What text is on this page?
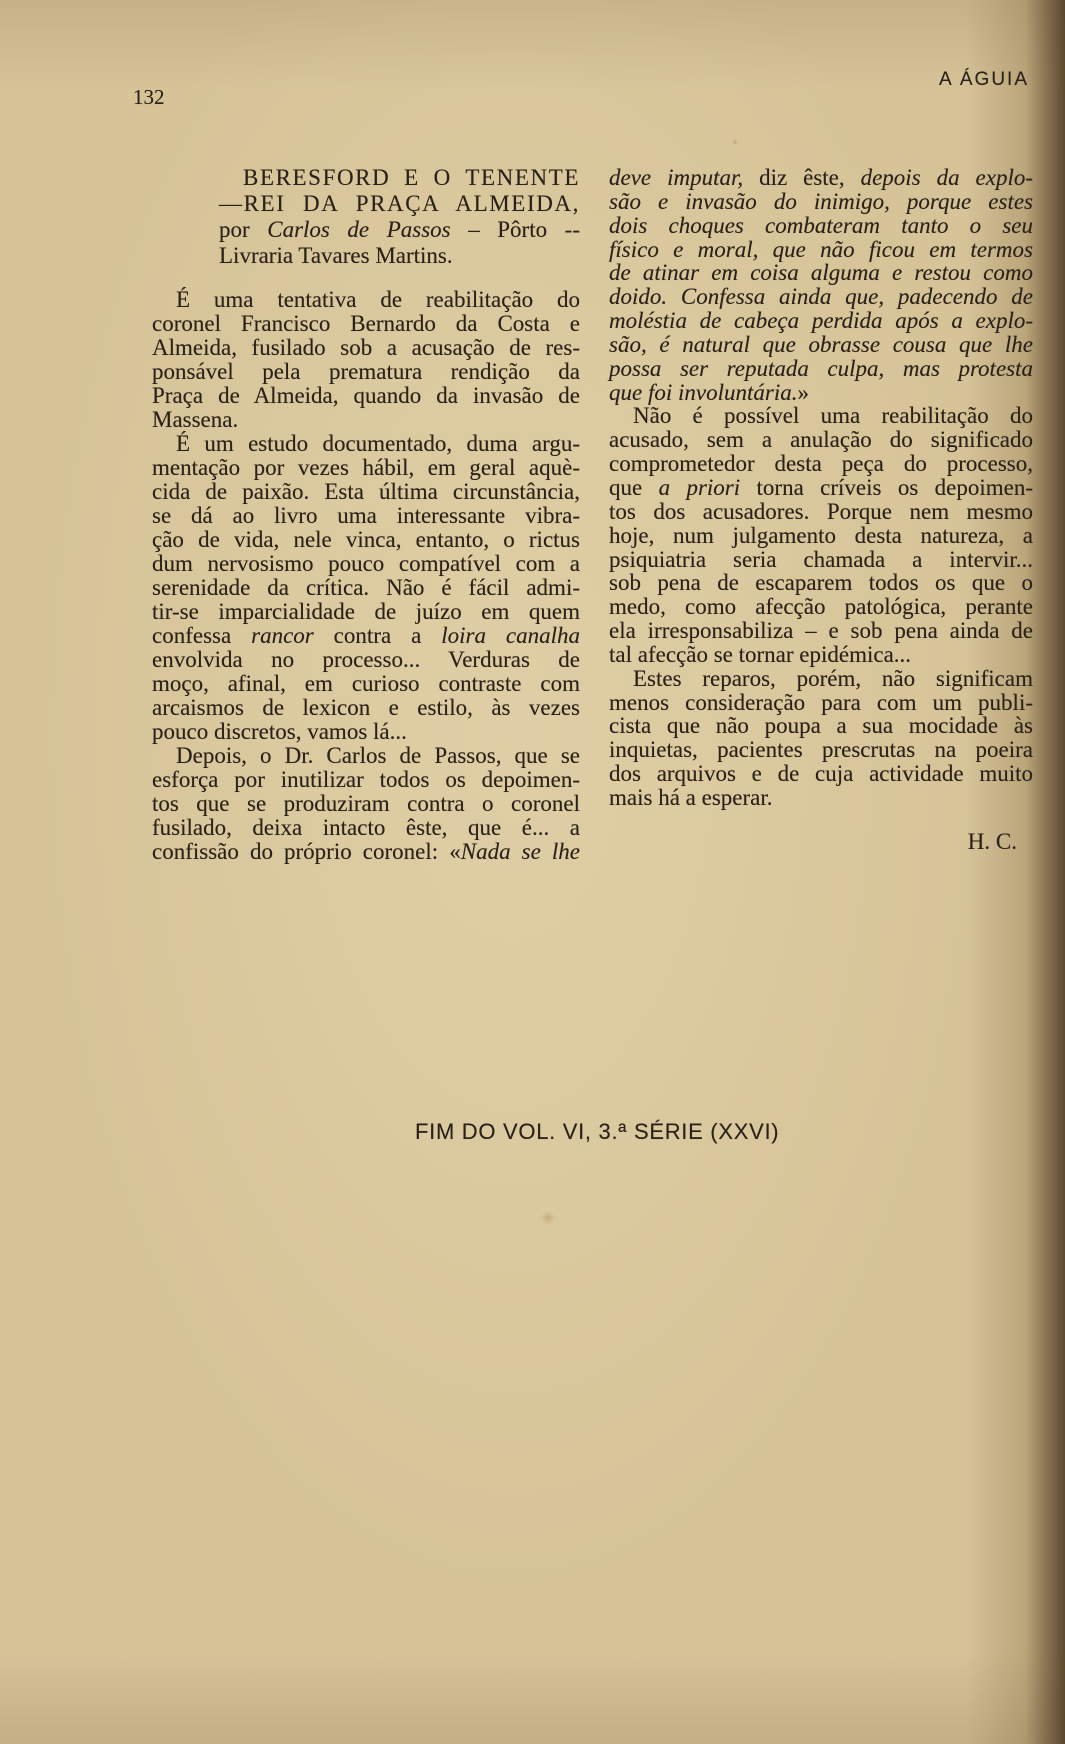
132
A ÁGUIA
BERESFORD E O TENENTE
—REI DA PRAÇA ALMEIDA,
por Carlos de Passos – Pôrto --
Livraria Tavares Martins.
É uma tentativa de reabilitação do
coronel Francisco Bernardo da Costa e
Almeida, fusilado sob a acusação de res-
ponsável pela prematura rendição da
Praça de Almeida, quando da invasão de
Massena.
É um estudo documentado, duma argu-
mentação por vezes hábil, em geral aquè-
cida de paixão. Esta última circunstância,
se dá ao livro uma interessante vibra-
ção de vida, nele vinca, entanto, o rictus
dum nervosismo pouco compatível com a
serenidade da crítica. Não é fácil admi-
tir-se imparcialidade de juízo em quem
confessa rancor contra a loira canalha
envolvida no processo... Verduras de
moço, afinal, em curioso contraste com
arcaismos de lexicon e estilo, às vezes
pouco discretos, vamos lá...
Depois, o Dr. Carlos de Passos, que se
esforça por inutilizar todos os depoimen-
tos que se produziram contra o coronel
fusilado, deixa intacto êste, que é... a
confissão do próprio coronel: «Nada se lhe
deve imputar, diz êste, depois da explo-
são e invasão do inimigo, porque estes
dois choques combateram tanto o seu
físico e moral, que não ficou em termos
de atinar em coisa alguma e restou como
doido. Confessa ainda que, padecendo de
moléstia de cabeça perdida após a explo-
são, é natural que obrasse cousa que lhe
possa ser reputada culpa, mas protesta
que foi involuntária.»
Não é possível uma reabilitação do
acusado, sem a anulação do significado
comprometedor desta peça do processo,
que a priori torna críveis os depoimen-
tos dos acusadores. Porque nem mesmo
hoje, num julgamento desta natureza, a
psiquiatria seria chamada a intervir...
sob pena de escaparem todos os que o
medo, como afecção patológica, perante
ela irresponsabiliza – e sob pena ainda de
tal afecção se tornar epidémica...
Estes reparos, porém, não significam
menos consideração para com um publi-
cista que não poupa a sua mocidade às
inquietas, pacientes prescrutas na poeira
dos arquivos e de cuja actividade muito
mais há a esperar.
H. C.
FIM DO VOL. VI, 3.ª SÉRIE (XXVI)
